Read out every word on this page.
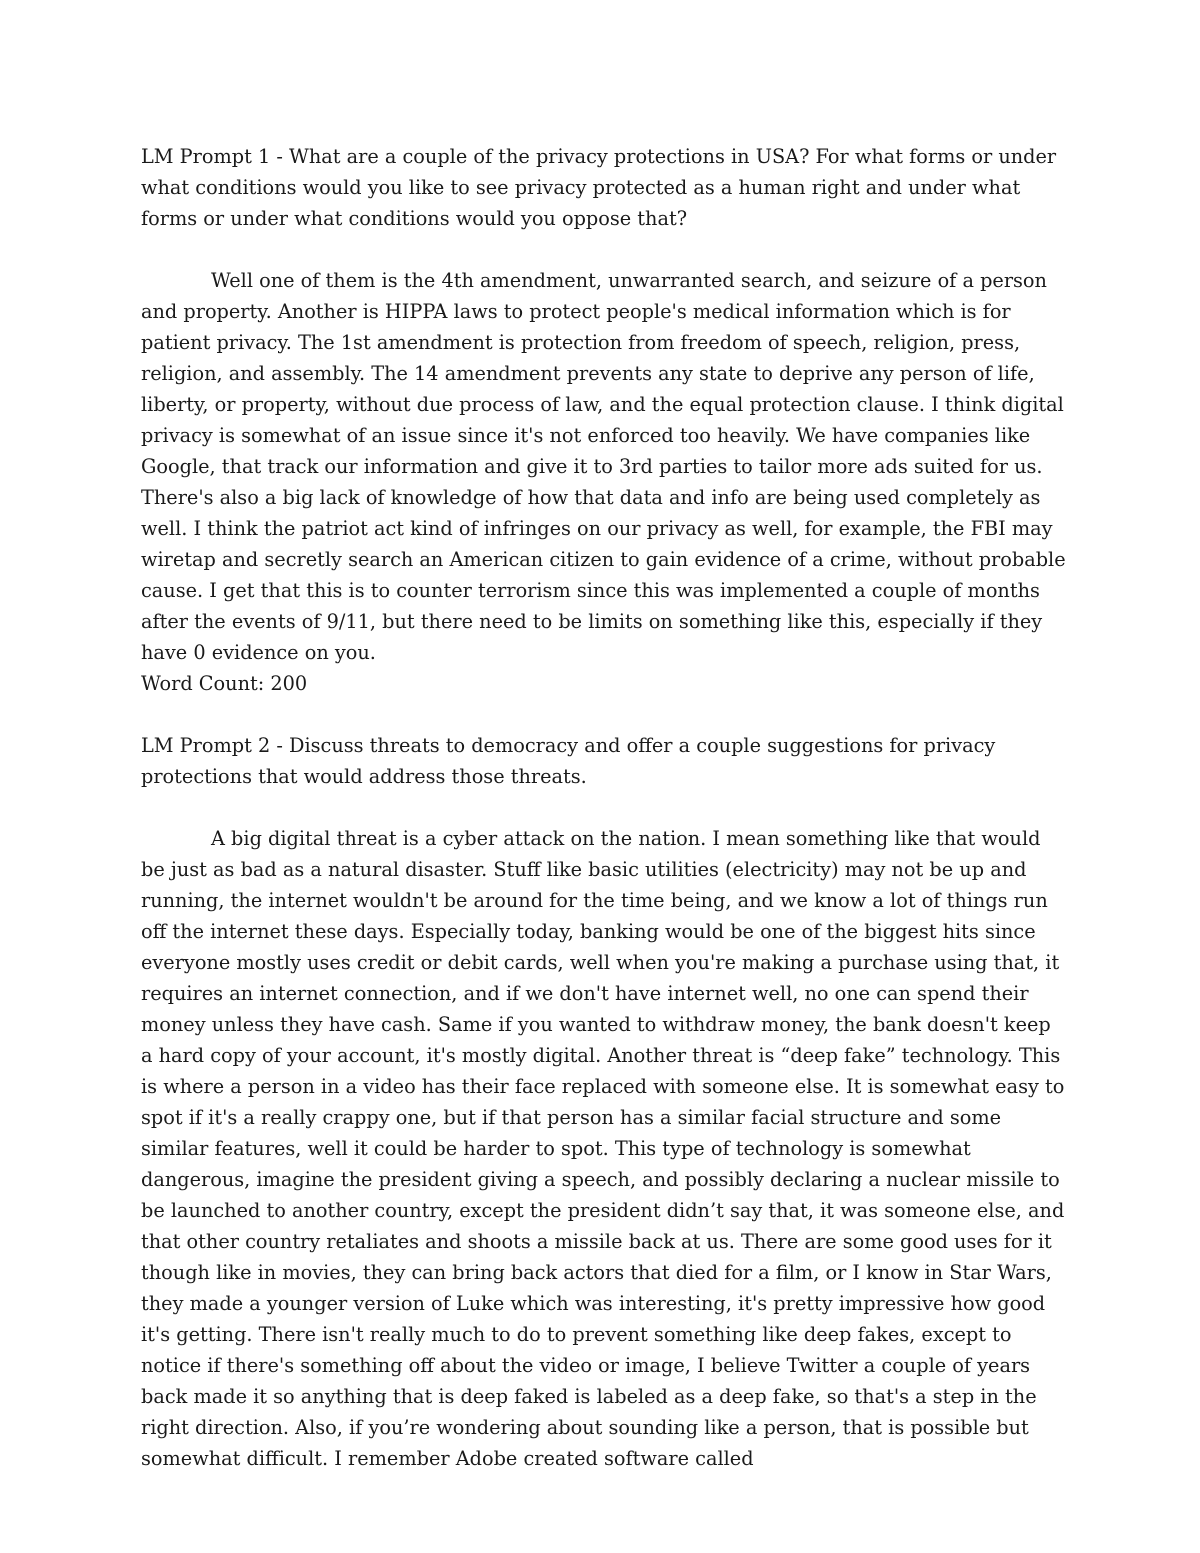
LM Prompt 1 - What are a couple of the privacy protections in USA? For what forms or under what conditions would you like to see privacy protected as a human right and under what forms or under what conditions would you oppose that?

Well one of them is the 4th amendment, unwarranted search, and seizure of a person and property. Another is HIPPA laws to protect people's medical information which is for patient privacy. The 1st amendment is protection from freedom of speech, religion, press, religion, and assembly. The 14 amendment prevents any state to deprive any person of life, liberty, or property, without due process of law, and the equal protection clause. I think digital privacy is somewhat of an issue since it's not enforced too heavily. We have companies like Google, that track our information and give it to 3rd parties to tailor more ads suited for us. There's also a big lack of knowledge of how that data and info are being used completely as well. I think the patriot act kind of infringes on our privacy as well, for example, the FBI may wiretap and secretly search an American citizen to gain evidence of a crime, without probable cause. I get that this is to counter terrorism since this was implemented a couple of months after the events of 9/11, but there need to be limits on something like this, especially if they have 0 evidence on you.

Word Count: 200

LM Prompt 2 - Discuss threats to democracy and offer a couple suggestions for privacy protections that would address those threats.

A big digital threat is a cyber attack on the nation. I mean something like that would be just as bad as a natural disaster. Stuff like basic utilities (electricity) may not be up and running, the internet wouldn't be around for the time being, and we know a lot of things run off the internet these days. Especially today, banking would be one of the biggest hits since everyone mostly uses credit or debit cards, well when you're making a purchase using that, it requires an internet connection, and if we don't have internet well, no one can spend their money unless they have cash. Same if you wanted to withdraw money, the bank doesn't keep a hard copy of your account, it's mostly digital. Another threat is “deep fake” technology. This is where a person in a video has their face replaced with someone else. It is somewhat easy to spot if it's a really crappy one, but if that person has a similar facial structure and some similar features, well it could be harder to spot. This type of technology is somewhat dangerous, imagine the president giving a speech, and possibly declaring a nuclear missile to be launched to another country, except the president didn’t say that, it was someone else, and that other country retaliates and shoots a missile back at us. There are some good uses for it though like in movies, they can bring back actors that died for a film, or I know in Star Wars, they made a younger version of Luke which was interesting, it's pretty impressive how good it's getting. There isn't really much to do to prevent something like deep fakes, except to notice if there's something off about the video or image, I believe Twitter a couple of years back made it so anything that is deep faked is labeled as a deep fake, so that's a step in the right direction. Also, if you’re wondering about sounding like a person, that is possible but somewhat difficult. I remember Adobe created software called
